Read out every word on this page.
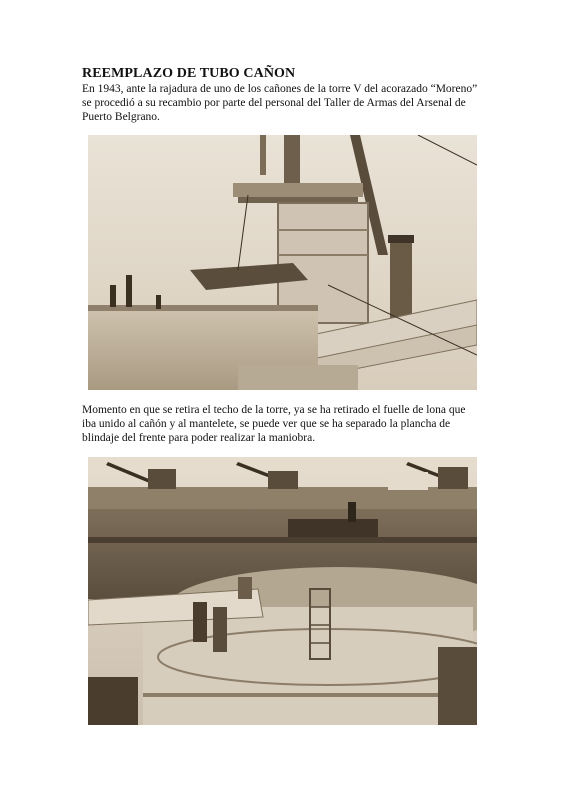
REEMPLAZO DE TUBO CAÑON
En 1943, ante la rajadura de uno de los cañones de la torre V del acorazado “Moreno” se procedió a su recambio por parte del personal del Taller de Armas del Arsenal de Puerto Belgrano.
Momento en que se retira el techo de la torre, ya se ha retirado el fuelle de lona que iba unido al cañón y al mantelete, se puede ver que se ha separado la plancha de blindaje del frente para poder realizar la maniobra.
